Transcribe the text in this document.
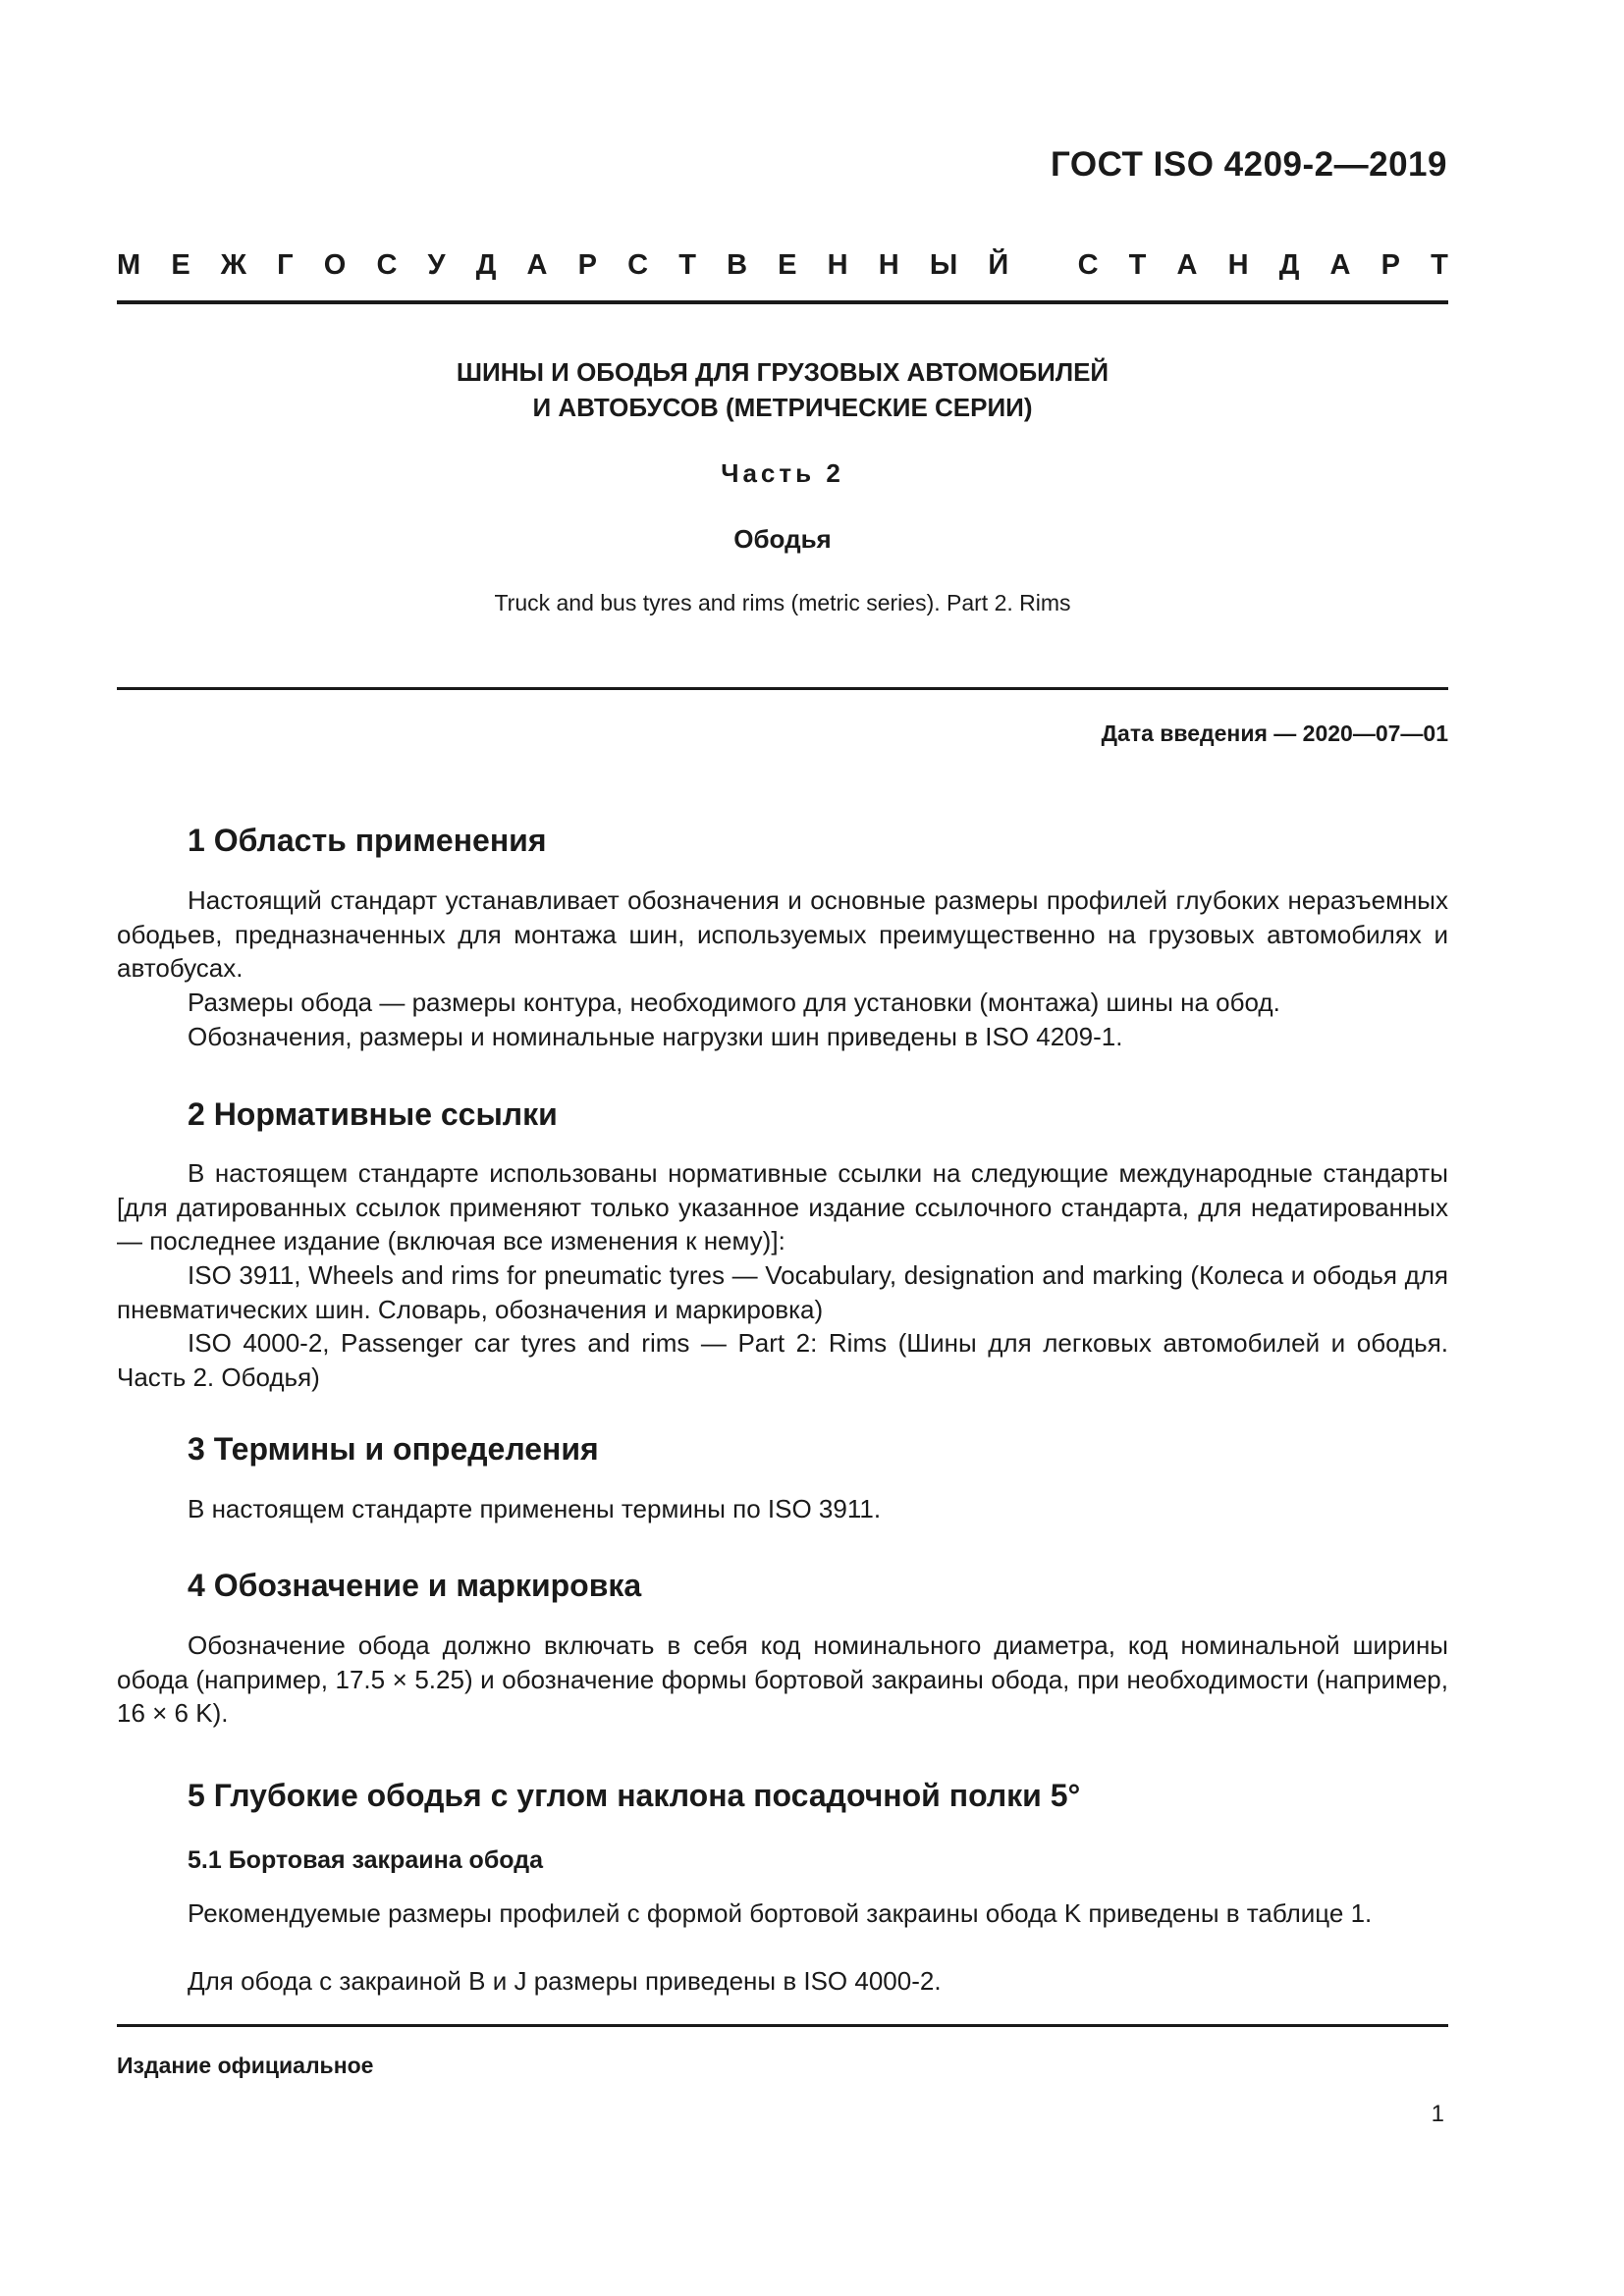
ГОСТ ISO 4209-2—2019
М Е Ж Г О С У Д А Р С Т В Е Н Н Ы Й
С Т А Н Д А Р Т
ШИНЫ И ОБОДЬЯ ДЛЯ ГРУЗОВЫХ АВТОМОБИЛЕЙ
И АВТОБУСОВ (МЕТРИЧЕСКИЕ СЕРИИ)
Часть 2
Ободья
Truck and bus tyres and rims (metric series). Part 2. Rims
Дата введения — 2020—07—01
1 Область применения
Настоящий стандарт устанавливает обозначения и основные размеры профилей глубоких неразъемных ободьев, предназначенных для монтажа шин, используемых преимущественно на грузовых автомобилях и автобусах.
Размеры обода — размеры контура, необходимого для установки (монтажа) шины на обод.
Обозначения, размеры и номинальные нагрузки шин приведены в ISO 4209-1.
2 Нормативные ссылки
В настоящем стандарте использованы нормативные ссылки на следующие международные стандарты [для датированных ссылок применяют только указанное издание ссылочного стандарта, для недатированных — последнее издание (включая все изменения к нему)]:
ISO 3911, Wheels and rims for pneumatic tyres — Vocabulary, designation and marking (Колеса и ободья для пневматических шин. Словарь, обозначения и маркировка)
ISO 4000-2, Passenger car tyres and rims — Part 2: Rims (Шины для легковых автомобилей и ободья. Часть 2. Ободья)
3 Термины и определения
В настоящем стандарте применены термины по ISO 3911.
4 Обозначение и маркировка
Обозначение обода должно включать в себя код номинального диаметра, код номинальной ширины обода (например, 17.5 × 5.25) и обозначение формы бортовой закраины обода, при необходимости (например, 16 × 6 K).
5 Глубокие ободья с углом наклона посадочной полки 5°
5.1 Бортовая закраина обода
Рекомендуемые размеры профилей с формой бортовой закраины обода K приведены в таблице 1.
Для обода с закраиной B и J размеры приведены в ISO 4000-2.
Издание официальное
1
